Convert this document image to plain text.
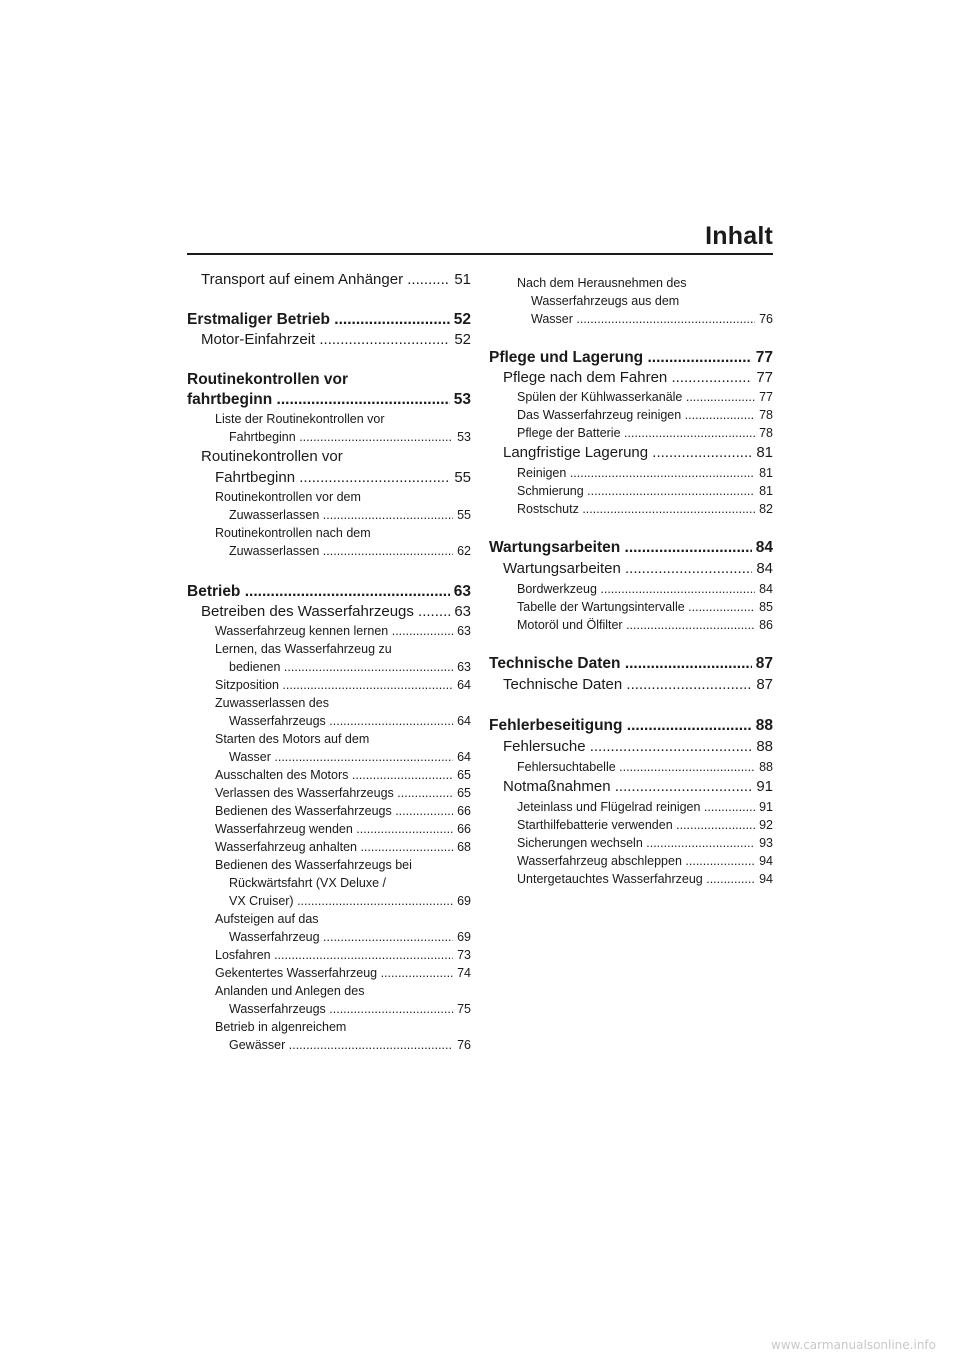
Inhalt
Transport auf einem Anhänger .....	51
Erstmaliger Betrieb .....	52
Motor-Einfahrzeit .....	52
Routinekontrollen vor
fahrtbeginn .....	53
Liste der Routinekontrollen vor
Fahrtbeginn .....	53
Routinekontrollen vor
Fahrtbeginn .....	55
Routinekontrollen vor dem
Zuwasserlassen .....	55
Routinekontrollen nach dem
Zuwasserlassen .....	62
Betrieb .....	63
Betreiben des Wasserfahrzeugs .....	63
Wasserfahrzeug kennen lernen .....	63
Lernen, das Wasserfahrzeug zu
bedienen .....	63
Sitzposition .....	64
Zuwasserlassen des
Wasserfahrzeugs .....	64
Starten des Motors auf dem
Wasser .....	64
Ausschalten des Motors .....	65
Verlassen des Wasserfahrzeugs .....	65
Bedienen des Wasserfahrzeugs .....	66
Wasserfahrzeug wenden .....	66
Wasserfahrzeug anhalten .....	68
Bedienen des Wasserfahrzeugs bei Rückwärtsfahrt (VX Deluxe /
VX Cruiser) .....	69
Aufsteigen auf das
Wasserfahrzeug .....	69
Losfahren .....	73
Gekentertes Wasserfahrzeug .....	74
Anlanden und Anlegen des
Wasserfahrzeugs .....	75
Betrieb in algenreichem
Gewässer .....	76
Nach dem Herausnehmen des Wasserfahrzeugs aus dem
Wasser .....	76
Pflege und Lagerung .....	77
Pflege nach dem Fahren .....	77
Spülen der Kühlwasserkanäle .....	77
Das Wasserfahrzeug reinigen .....	78
Pflege der Batterie .....	78
Langfristige Lagerung .....	81
Reinigen .....	81
Schmierung .....	81
Rostschutz .....	82
Wartungsarbeiten .....	84
Wartungsarbeiten .....	84
Bordwerkzeug .....	84
Tabelle der Wartungsintervalle .....	85
Motoröl und Ölfilter .....	86
Technische Daten .....	87
Technische Daten .....	87
Fehlerbeseitigung .....	88
Fehlersuche .....	88
Fehlersuchtabelle .....	88
Notmaßnahmen .....	91
Jeteinlass und Flügelrad reinigen .....	91
Starthilfebatterie verwenden .....	92
Sicherungen wechseln .....	93
Wasserfahrzeug abschleppen .....	94
Untergetauchtes Wasserfahrzeug .....	94
www.carmanualsonline.info
